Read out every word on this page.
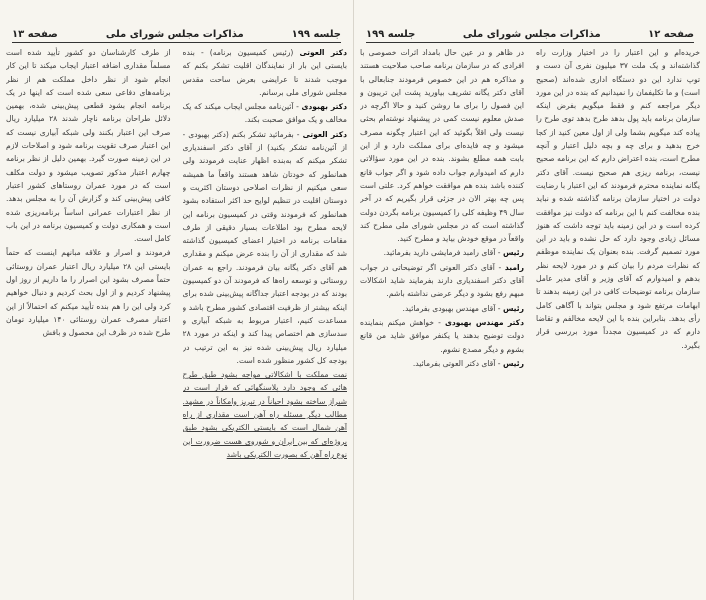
جلسه ۱۹۹
مذاکرات مجلس شورای ملی
صفحه ۱۳

دکتر العوتی (رئیس کمیسیون برنامه) - بنده بایستی این بار از نمایندگان اقلیت تشکر بکنم که موجب شدند تا عرایضی بعرض ساحت مقدس مجلس شورای ملی برسانم.

دکتر بهبودی - آئین‌نامه مجلس ایجاب میکند که یک مخالف و یک موافق صحبت بکند.

دکتر العوتی - بفرمائید تشکر بکنم (دکتر بهبودی - از آئین‌نامه تشکر بکنید) از آقای دکتر اسفندیاری تشکر میکنم که به‌بنده اظهار عنایت فرمودند ولی همانطور که خودتان شاهد هستند واقعاً ما همیشه سعی میکنیم از نظرات اصلاحی دوستان اکثریت و دوستان اقلیت در تنظیم لوایح حد اکثر استفاده بشود همانطور که فرمودند وقتی در کمیسیون برنامه این لایحه مطرح بود اطلاعات بسیار دقیقی از طرف مقامات برنامه در اختیار اعضای کمیسیون گذاشته شد که مقداری از آن را بنده عرض میکنم و مقداری هم آقای دکتر یگانه بیان فرمودند. راجع به عمران روستائی و توسعه راه‌ها که فرمودند آن دو کمیسیون بودند که در بودجه اعتبار جداگانه پیش‌بینی شده برای اینکه بیشتر از ظرفیت اقتصادی کشور مطرح باشد و مساعدت کنیم، اعتبار مربوط به شبکه آبیاری و سدسازی هم اختصاص پیدا کند و اینکه در مورد ۲۸ میلیارد ریال پیش‌بینی شده نیز به این ترتیب در بودجه کل کشور منظور شده است.

نمت مملکت با اشکالاتی مواجه بشود طبق طرح هائی که وجود دارد پلاسنگهائی که قرار است در شیراز ساخته بشود احیاناً در تبریز وامکاناً در مشهد. مطالب دیگر مسئله راه آهن است مقداری از راه آهن شمال است که بایستی الکتریکی بشود طبق پروژه‌ای که بین ایران و شوروی هست ضرورت این نوع راه آهن که بصورت الکتریکی باشد

از طرف کارشناسان دو کشور تأیید شده است مسلماً مقداری اضافه اعتبار ایجاب میکند تا این کار انجام شود از نظر داخل مملکت هم از نظر برنامه‌های دفاعی سعی شده است که اینها در یک برنامه انجام بشود قطعی پیش‌بینی شده، بهمین دلائل طراحان برنامه ناچار شدند ۲۸ میلیارد ریال صرف این اعتبار بکنند ولی شبکه آبیاری نیست که این اعتبار صرف تقویت برنامه شود و اصلاحات لازم در این زمینه صورت گیرد. بهمین دلیل از نظر برنامه چهارم اعتبار مذکور تصویب میشود و دولت مکلف است که در مورد عمران روستاهای کشور اعتبار کافی پیش‌بینی کند و گزارش آن را به مجلس بدهد. از نظر اعتبارات عمرانی اساساً برنامه‌ریزی شده است و همکاری دولت و کمیسیون برنامه در این باب کامل است.

فرمودند و اصرار و علاقه مبانهم اینست که حتماً بایستی این ۲۸ میلیارد ریال اعتبار عمران روستائی حتماً مصرف بشود این اصرار را ما داریم از روز اول پیشنهاد کردیم و از اول بحث کردیم و دنبال خواهیم کرد ولی این را هم بنده تأیید میکنم که احتمالاً از این اعتبار مصرف عمران روستائی ۱۴۰ میلیارد تومان طرح شده در ظرف این محصول و بافش

صفحه ۱۲
مذاکرات مجلس شورای ملی
جلسه ۱۹۹

خریده‌ام و این اعتبار را در اختیار وزارت راه گذاشته‌اند و یک ملت ۳۷ میلیون نفری آن دست و توپ ندارد این دو دستگاه اداری شده‌اند (صحیح است) و ما تکلیفمان را نمیدانیم که بنده در این مورد دیگر مراجعه کنم و فقط میگویم بفرض اینکه سازمان برنامه باید پول بدهد طرح بدهد توی طرح را پیاده کند میگویم بشما ولی از اول معین کنید از کجا خرج بدهید و برای چه و بچه دلیل اعتبار و آنچه مطرح است، بنده اعتراض دارم که این برنامه صحیح نیست، برنامه ریزی هم صحیح نیست. آقای دکتر یگانه نماینده محترم فرمودند که این اعتبار با رضایت دولت در اختیار سازمان برنامه گذاشته شده و نباید بنده مخالفت کنم با این برنامه که دولت نیز موافقت کرده است و در این زمینه باید توجه داشت که هنوز مسائل زیادی وجود دارد که حل نشده و باید در این مورد تصمیم گرفت. بنده بعنوان یک نماینده موظفم که نظرات مردم را بیان کنم و در مورد لایحه نظر بدهم و امیدوارم که آقای وزیر و آقای مدیر عامل سازمان برنامه توضیحات کافی در این زمینه بدهند تا ابهامات مرتفع شود و مجلس بتواند با آگاهی کامل رأی بدهد. بنابراین بنده با این لایحه مخالفم و تقاضا دارم که در کمیسیون مجدداً مورد بررسی قرار بگیرد.

در ظاهر و در عین حال بامداد اثرات خصوصی با افرادی که در سازمان برنامه صاحب صلاحیت هستند و مذاکره هم در این خصوص فرمودند جنابعالی با آقای دکتر یگانه تشریف بیاورید پشت این تریبون و این فصول را برای ما روشن کنید و حالا اگرچه در صدش معلوم نیست کمی در پیشنهاد نوشته‌ام بحثی نیست ولی اقلاً بگوئید که این اعتبار چگونه مصرف میشود و چه فایده‌ای برای مملکت دارد و از این بابت همه مطلع بشوند. بنده در این مورد سؤالاتی دارم که امیدوارم جواب داده شود و اگر جواب قانع کننده باشد بنده هم موافقت خواهم کرد. علتی است پس چه بهتر الان در جزئی قرار بگیریم که در آخر سال ۴۹ وظیفه کلی را کمیسیون برنامه بگردن دولت گذاشته است که در مجلس شورای ملی مطرح کند واقعاً در موقع خودش بیاید و مطرح کنید.

رئیس - آقای رامبد فرمایشی دارید بفرمائید.

رامبد - آقای دکتر العوتی اگر توضیحاتی در جواب آقای دکتر اسفندیاری دارند بفرمایند شاید اشکالات مبهم رفع بشود و دیگر عرضی نداشته باشم.

رئیس - آقای مهندس بهبودی بفرمائید.

دکتر مهندس بهبودی - خواهش میکنم بنماینده دولت توضیح بدهند یا یکنفر موافق شاید من قانع بشوم و دیگر مصدع نشوم.

رئیس - آقای دکتر العوتی بفرمائید.
